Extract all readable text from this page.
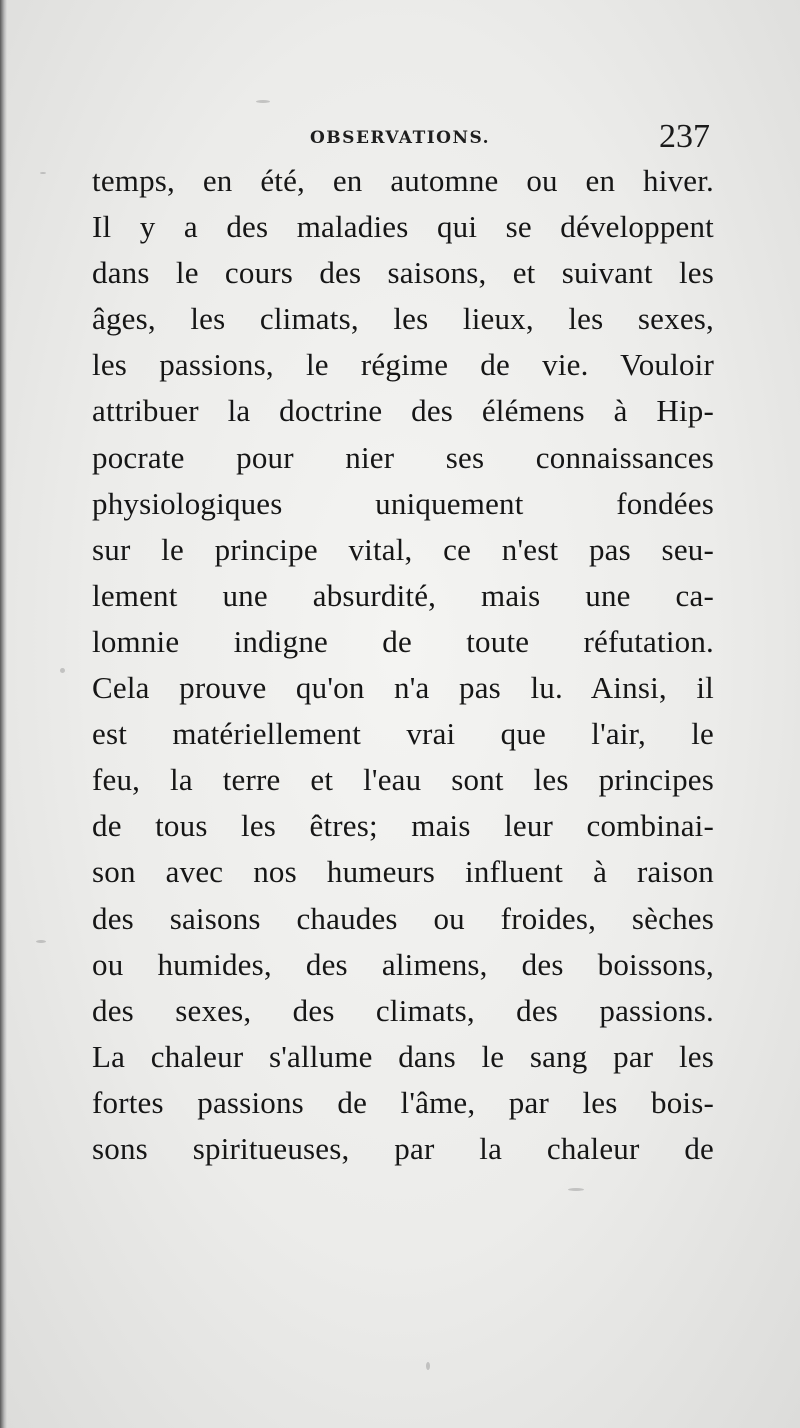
OBSERVATIONS.	237
temps, en été, en automne ou en hiver.
Il y a des maladies qui se développent
dans le cours des saisons, et suivant les
âges, les climats, les lieux, les sexes,
les passions, le régime de vie. Vouloir
attribuer la doctrine des élémens à Hip-
pocrate pour nier ses connaissances
physiologiques uniquement fondées
sur le principe vital, ce n'est pas seu-
lement une absurdité, mais une ca-
lomnie indigne de toute réfutation.
Cela prouve qu'on n'a pas lu. Ainsi, il
est matériellement vrai que l'air, le
feu, la terre et l'eau sont les principes
de tous les êtres; mais leur combinai-
son avec nos humeurs influent à raison
des saisons chaudes ou froides, sèches
ou humides, des alimens, des boissons,
des sexes, des climats, des passions.
La chaleur s'allume dans le sang par les
fortes passions de l'âme, par les bois-
sons spiritueuses, par la chaleur de
